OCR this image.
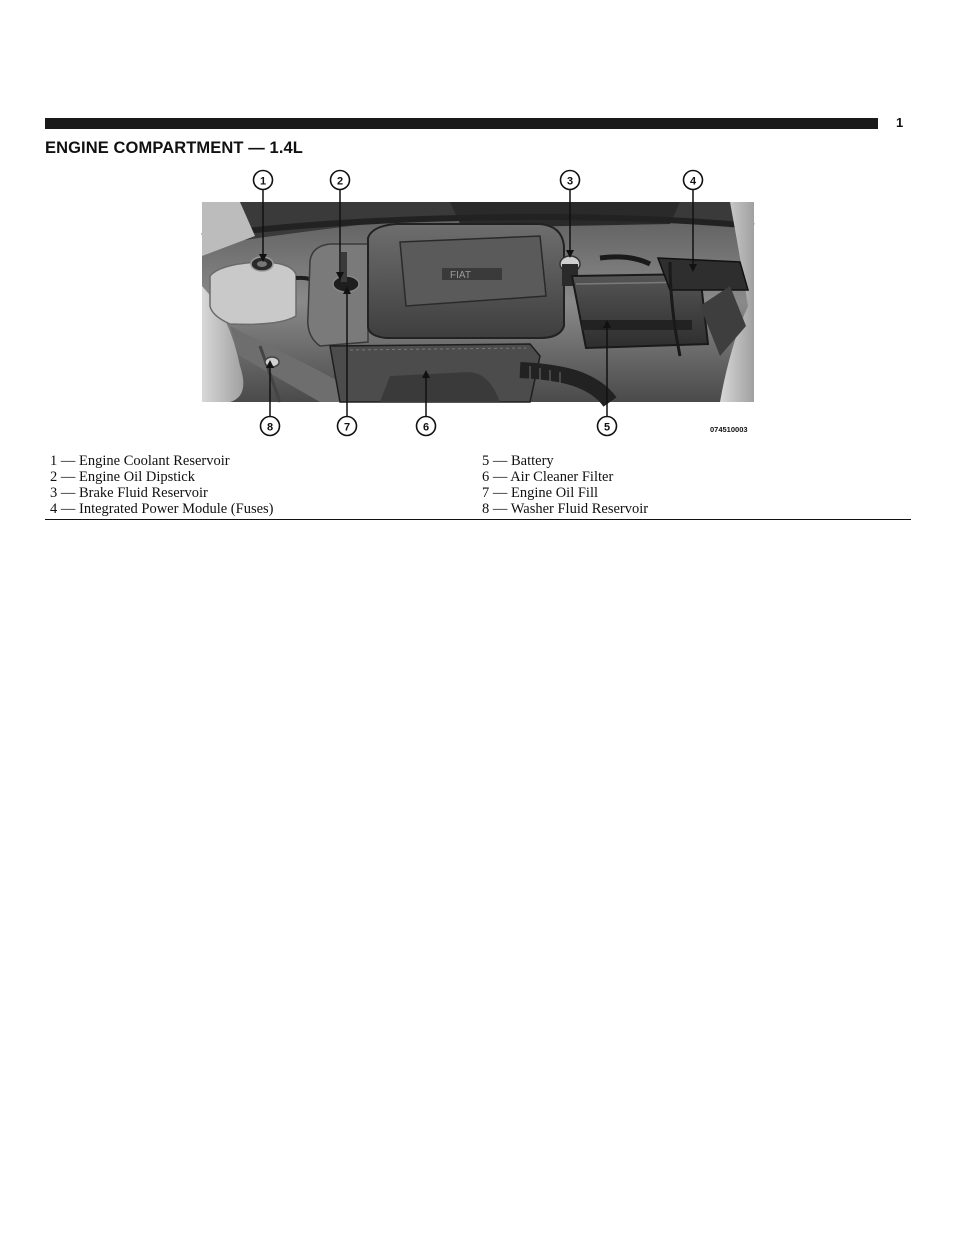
1
ENGINE COMPARTMENT — 1.4L
FIAT
1	2	3	4
5
6
7
8	074510003
1 — Engine Coolant Reservoir
2 — Engine Oil Dipstick
3 — Brake Fluid Reservoir
4 — Integrated Power Module (Fuses)
5 — Battery
6 — Air Cleaner Filter
7 — Engine Oil Fill
8 — Washer Fluid Reservoir
